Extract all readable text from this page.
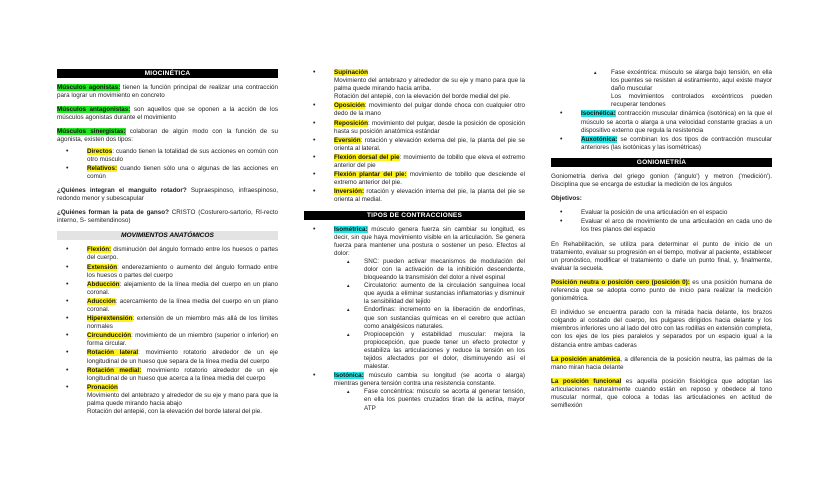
MIOCINÉTICA

Músculos agonistas: tienen la función principal de realizar una contracción para lograr un movimiento en concreto

Músculos antagonistas: son aquellos que se oponen a la acción de los músculos agonistas durante el movimiento

Músculos sinergistas: colaboran de algún modo con la función de su agonista, existen dos tipos:

• Directos: cuando tienen la totalidad de sus acciones en común con otro músculo
• Relativos: cuando tienen sólo una o algunas de las acciones en común

¿Quiénes integran el manguito rotador? Supraespinoso, infraespinoso, redondo menor y subescapular

¿Quiénes forman la pata de ganso? CRISTO (Costurero-sartorio, RI-recto interno, S- semitendinoso)

MOVIMIENTOS ANATÓMICOS
• Flexión: disminución del ángulo formado entre los huesos o partes del cuerpo.
• Extensión: enderezamiento o aumento del ángulo formado entre los huesos o partes del cuerpo
• Abducción: alejamiento de la línea media del cuerpo en un plano coronal.
• Aducción: acercamiento de la línea media del cuerpo en un plano coronal.
• Hiperextensión: extensión de un miembro más allá de los límites normales
• Circunducción: movimiento de un miembro (superior o inferior) en forma circular.
• Rotación lateral: movimiento rotatorio alrededor de un eje longitudinal de un hueso que separa de la línea media del cuerpo
• Rotación medial: movimiento rotatorio alrededor de un eje longitudinal de un hueso que acerca a la línea media del cuerpo
• Pronación
Movimiento del antebrazo y alrededor de su eje y mano para que la palma quede mirando hacia abajo
Rotación del antepié, con la elevación del borde lateral del pie.
• Supinación
Movimiento del antebrazo y alrededor de su eje y mano para que la palma quede mirando hacia arriba.
Rotación del antepié, con la elevación del borde medial del pie.
• Oposición: movimiento del pulgar donde choca con cualquier otro dedo de la mano
• Reposición: movimiento del pulgar, desde la posición de oposición hasta su posición anatómica estándar
• Eversión: rotación y elevación externa del pie, la planta del pie se orienta al lateral.
• Flexión dorsal del pie: movimiento de tobillo que eleva el extremo anterior del pie
• Flexión plantar del pie: movimiento de tobillo que desciende el extremo anterior del pie.
• Inversión: rotación y elevación interna del pie, la planta del pie se orienta al medial.
TIPOS DE CONTRACCIONES
• Isométrica: músculo genera fuerza sin cambiar su longitud, es decir, sin que haya movimiento visible en la articulación. Se genera fuerza para mantener una postura o sostener un peso. Efectos al dolor:
▲ SNC: pueden activar mecanismos de modulación del dolor con la activación de la inhibición descendente, bloqueando la transmisión del dolor a nivel espinal
▲ Circulatorio: aumento de la circulación sanguínea local que ayuda a eliminar sustancias inflamatorias y disminuir la sensibilidad del tejido
▲ Endorfinas: incremento en la liberación de endorfinas, que son sustancias químicas en el cerebro que actúan como analgésicos naturales.
▲ Propiocepción y estabilidad muscular: mejora la propiocepción, que puede tener un efecto protector y estabiliza las articulaciones y reduce la tensión en los tejidos afectados por el dolor, disminuyendo así el malestar.
• Isotónica: músculo cambia su longitud (se acorta o alarga) mientras genera tensión contra una resistencia constante.
▲ Fase concéntrica: músculo se acorta al generar tensión, en ella los puentes cruzados tiran de la actina, mayor ATP
▲ Fase excéntrica: músculo se alarga bajo tensión, en ella los puentes se resisten al estiramiento, aquí existe mayor daño muscular
Los movimientos controlados excéntricos pueden recuperar tendones
• Isocinética: contracción muscular dinámica (isotónica) en la que el músculo se acorta o alarga a una velocidad constante gracias a un dispositivo externo que regula la resistencia
• Auxotónica: se combinan los dos tipos de contracción muscular anteriores (las isotónicas y las isométricas)
GONIOMETRÍA

Goniometría deriva del griego gonion ('ángulo') y metron ('medición'). Disciplina que se encarga de estudiar la medición de los ángulos

Objetivos:

• Evaluar la posición de una articulación en el espacio
• Evaluar el arco de movimiento de una articulación en cada uno de los tres planos del espacio

En Rehabilitación, se utiliza para determinar el punto de inicio de un tratamiento, evaluar su progresión en el tiempo, motivar al paciente, establecer un pronóstico, modificar el tratamiento o darle un punto final, y, finalmente, evaluar la secuela.

Posición neutra o posición cero (posición 0): es una posición humana de referencia que se adopta como punto de inicio para realizar la medición goniométrica.

El individuo se encuentra parado con la mirada hacia delante, los brazos colgando al costado del cuerpo, los pulgares dirigidos hacia delante y los miembros inferiores uno al lado del otro con las rodillas en extensión completa, con los ejes de los pies paralelos y separados por un espacio igual a la distancia entre ambas caderas

La posición anatómica, a diferencia de la posición neutra, las palmas de la mano miran hacia delante

La posición funcional es aquella posición fisiológica que adoptan las articulaciones naturalmente cuando están en reposo y obedece al tono muscular normal, que coloca a todas las articulaciones en actitud de semiflexión
